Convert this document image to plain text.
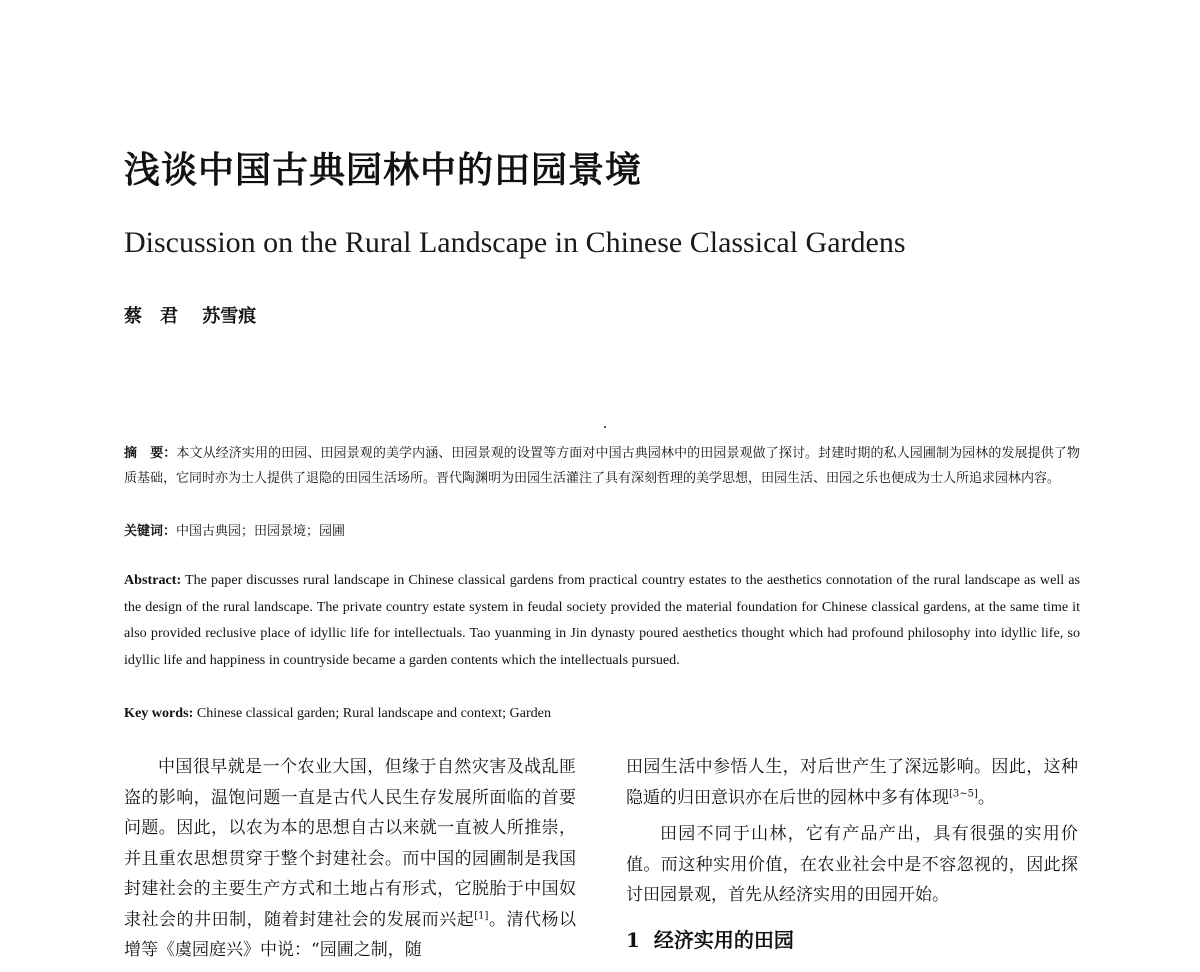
浅谈中国古典园林中的田园景境
Discussion on the Rural Landscape in Chinese Classical Gardens
蔡　君 苏雪痕

摘　要：本文从经济实用的田园、田园景观的美学内涵、田园景观的设置等方面对中国古典园林中的田园景观做了探讨。封建时期的私人园圃制为园林的发展提供了物质基础，它同时亦为士人提供了退隐的田园生活场所。晋代陶渊明为田园生活灌注了具有深刻哲理的美学思想，田园生活、田园之乐也便成为士人所追求园林内容。

关键词：中国古典园；田园景境；园圃

Abstract: The paper discusses rural landscape in Chinese classical gardens from practical country estates to the aesthetics connotation of the rural landscape as well as the design of the rural landscape. The private country estate system in feudal society provided the material foundation for Chinese classical gardens, at the same time it also provided reclusive place of idyllic life for intellectuals. Tao yuanming in Jin dynasty poured aesthetics thought which had profound philosophy into idyllic life, so idyllic life and happiness in countryside became a garden contents which the intellectuals pursued.

Key words: Chinese classical garden; Rural landscape and context; Garden

中国很早就是一个农业大国，但缘于自然灾害及战乱匪盗的影响，温饱问题一直是古代人民生存发展所面临的首要问题。因此，以农为本的思想自古以来就一直被人所推崇，并且重农思想贯穿于整个封建社会。而中国的园圃制是我国封建社会的主要生产方式和土地占有形式，它脱胎于中国奴隶社会的井田制，随着封建社会的发展而兴起[1]。清代杨以增等《虞园庭兴》中说：“园圃之制，随

田园生活中参悟人生，对后世产生了深远影响。因此，这种隐遁的归田意识亦在后世的园林中多有体现[3~5]。

田园不同于山林，它有产品产出，具有很强的实用价值。而这种实用价值，在农业社会中是不容忽视的，因此探讨田园景观，首先从经济实用的田园开始。

1 经济实用的田园
